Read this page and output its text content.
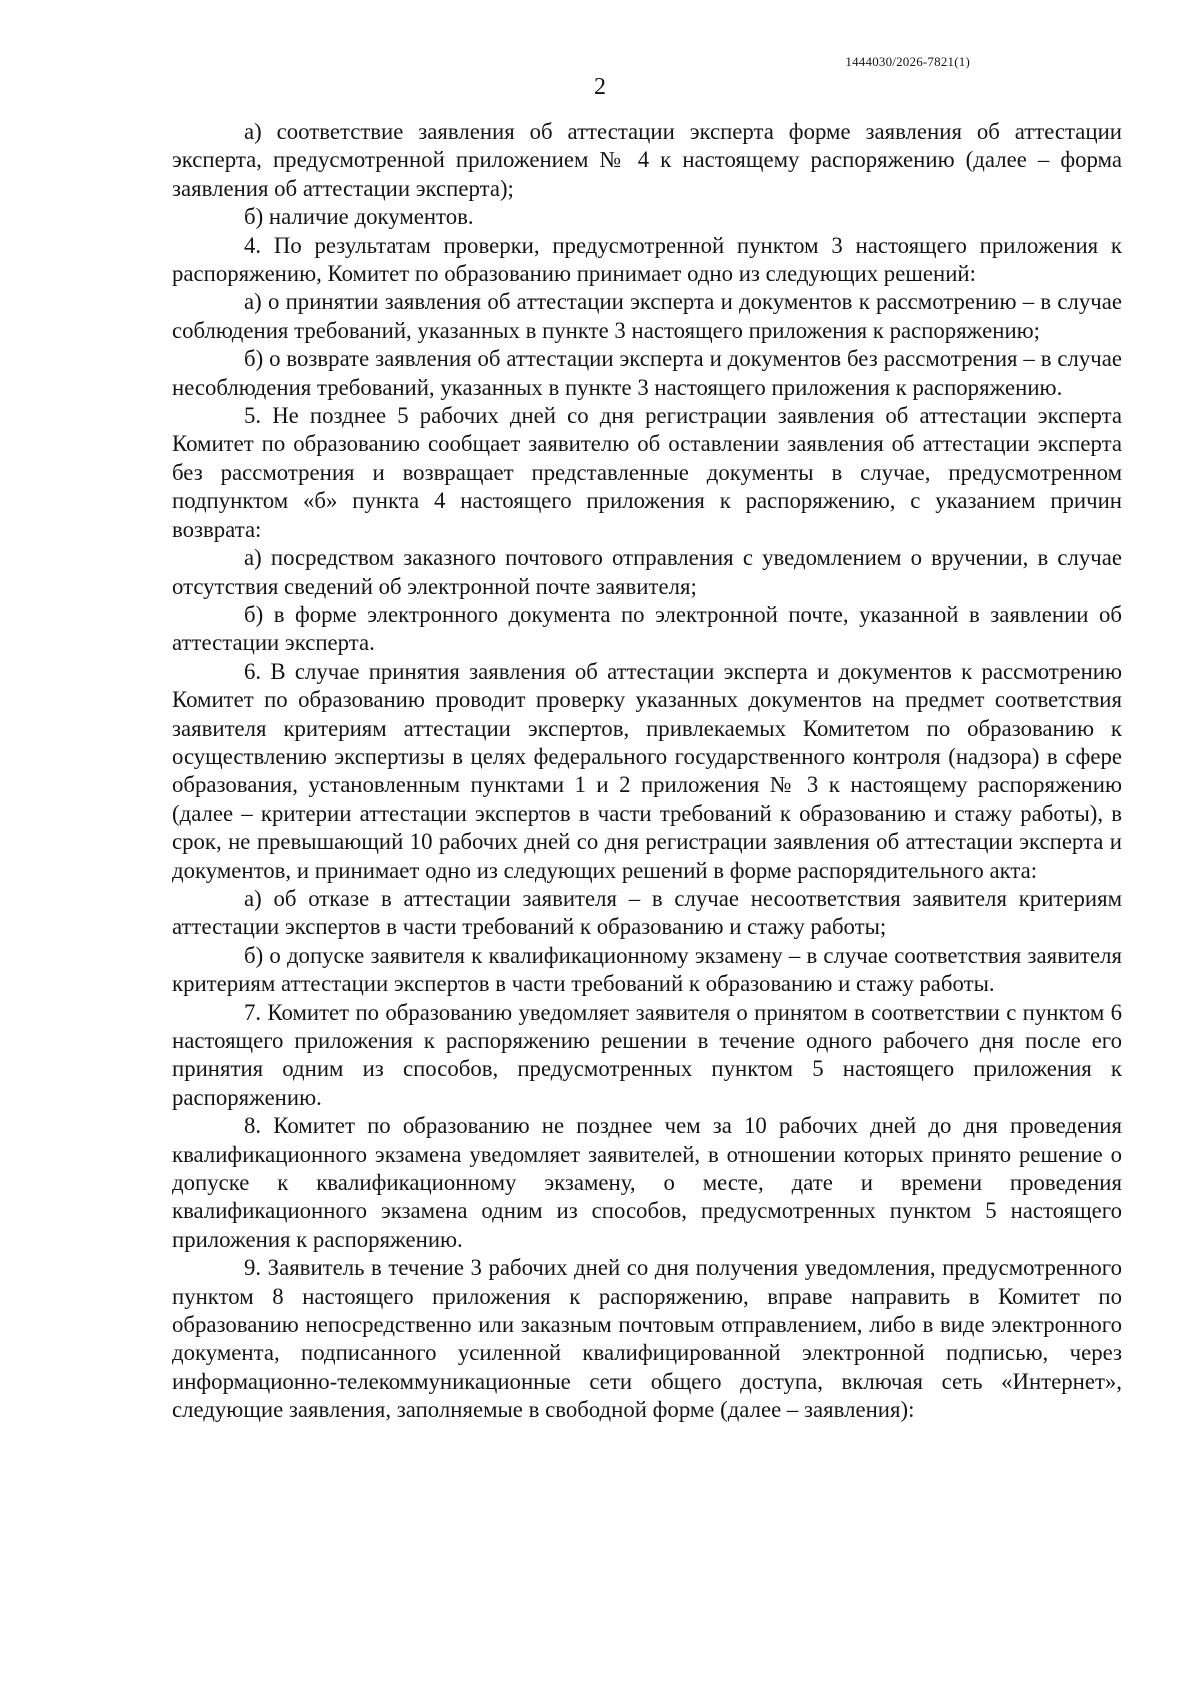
1444030/2026-7821(1)
2

а) соответствие заявления об аттестации эксперта форме заявления об аттестации эксперта, предусмотренной приложением № 4 к настоящему распоряжению (далее – форма заявления об аттестации эксперта);

б) наличие документов.

4. По результатам проверки, предусмотренной пунктом 3 настоящего приложения к распоряжению, Комитет по образованию принимает одно из следующих решений:

а) о принятии заявления об аттестации эксперта и документов к рассмотрению – в случае соблюдения требований, указанных в пункте 3 настоящего приложения к распоряжению;

б) о возврате заявления об аттестации эксперта и документов без рассмотрения – в случае несоблюдения требований, указанных в пункте 3 настоящего приложения к распоряжению.

5. Не позднее 5 рабочих дней со дня регистрации заявления об аттестации эксперта Комитет по образованию сообщает заявителю об оставлении заявления об аттестации эксперта без рассмотрения и возвращает представленные документы в случае, предусмотренном подпунктом «б» пункта 4 настоящего приложения к распоряжению, с указанием причин возврата:

а) посредством заказного почтового отправления с уведомлением о вручении, в случае отсутствия сведений об электронной почте заявителя;

б) в форме электронного документа по электронной почте, указанной в заявлении об аттестации эксперта.

6. В случае принятия заявления об аттестации эксперта и документов к рассмотрению Комитет по образованию проводит проверку указанных документов на предмет соответствия заявителя критериям аттестации экспертов, привлекаемых Комитетом по образованию к осуществлению экспертизы в целях федерального государственного контроля (надзора) в сфере образования, установленным пунктами 1 и 2 приложения № 3 к настоящему распоряжению (далее – критерии аттестации экспертов в части требований к образованию и стажу работы), в срок, не превышающий 10 рабочих дней со дня регистрации заявления об аттестации эксперта и документов, и принимает одно из следующих решений в форме распорядительного акта:

а) об отказе в аттестации заявителя – в случае несоответствия заявителя критериям аттестации экспертов в части требований к образованию и стажу работы;

б) о допуске заявителя к квалификационному экзамену – в случае соответствия заявителя критериям аттестации экспертов в части требований к образованию и стажу работы.

7. Комитет по образованию уведомляет заявителя о принятом в соответствии с пунктом 6 настоящего приложения к распоряжению решении в течение одного рабочего дня после его принятия одним из способов, предусмотренных пунктом 5 настоящего приложения к распоряжению.

8. Комитет по образованию не позднее чем за 10 рабочих дней до дня проведения квалификационного экзамена уведомляет заявителей, в отношении которых принято решение о допуске к квалификационному экзамену, о месте, дате и времени проведения квалификационного экзамена одним из способов, предусмотренных пунктом 5 настоящего приложения к распоряжению.

9. Заявитель в течение 3 рабочих дней со дня получения уведомления, предусмотренного пунктом 8 настоящего приложения к распоряжению, вправе направить в Комитет по образованию непосредственно или заказным почтовым отправлением, либо в виде электронного документа, подписанного усиленной квалифицированной электронной подписью, через информационно-телекоммуникационные сети общего доступа, включая сеть «Интернет», следующие заявления, заполняемые в свободной форме (далее – заявления):
